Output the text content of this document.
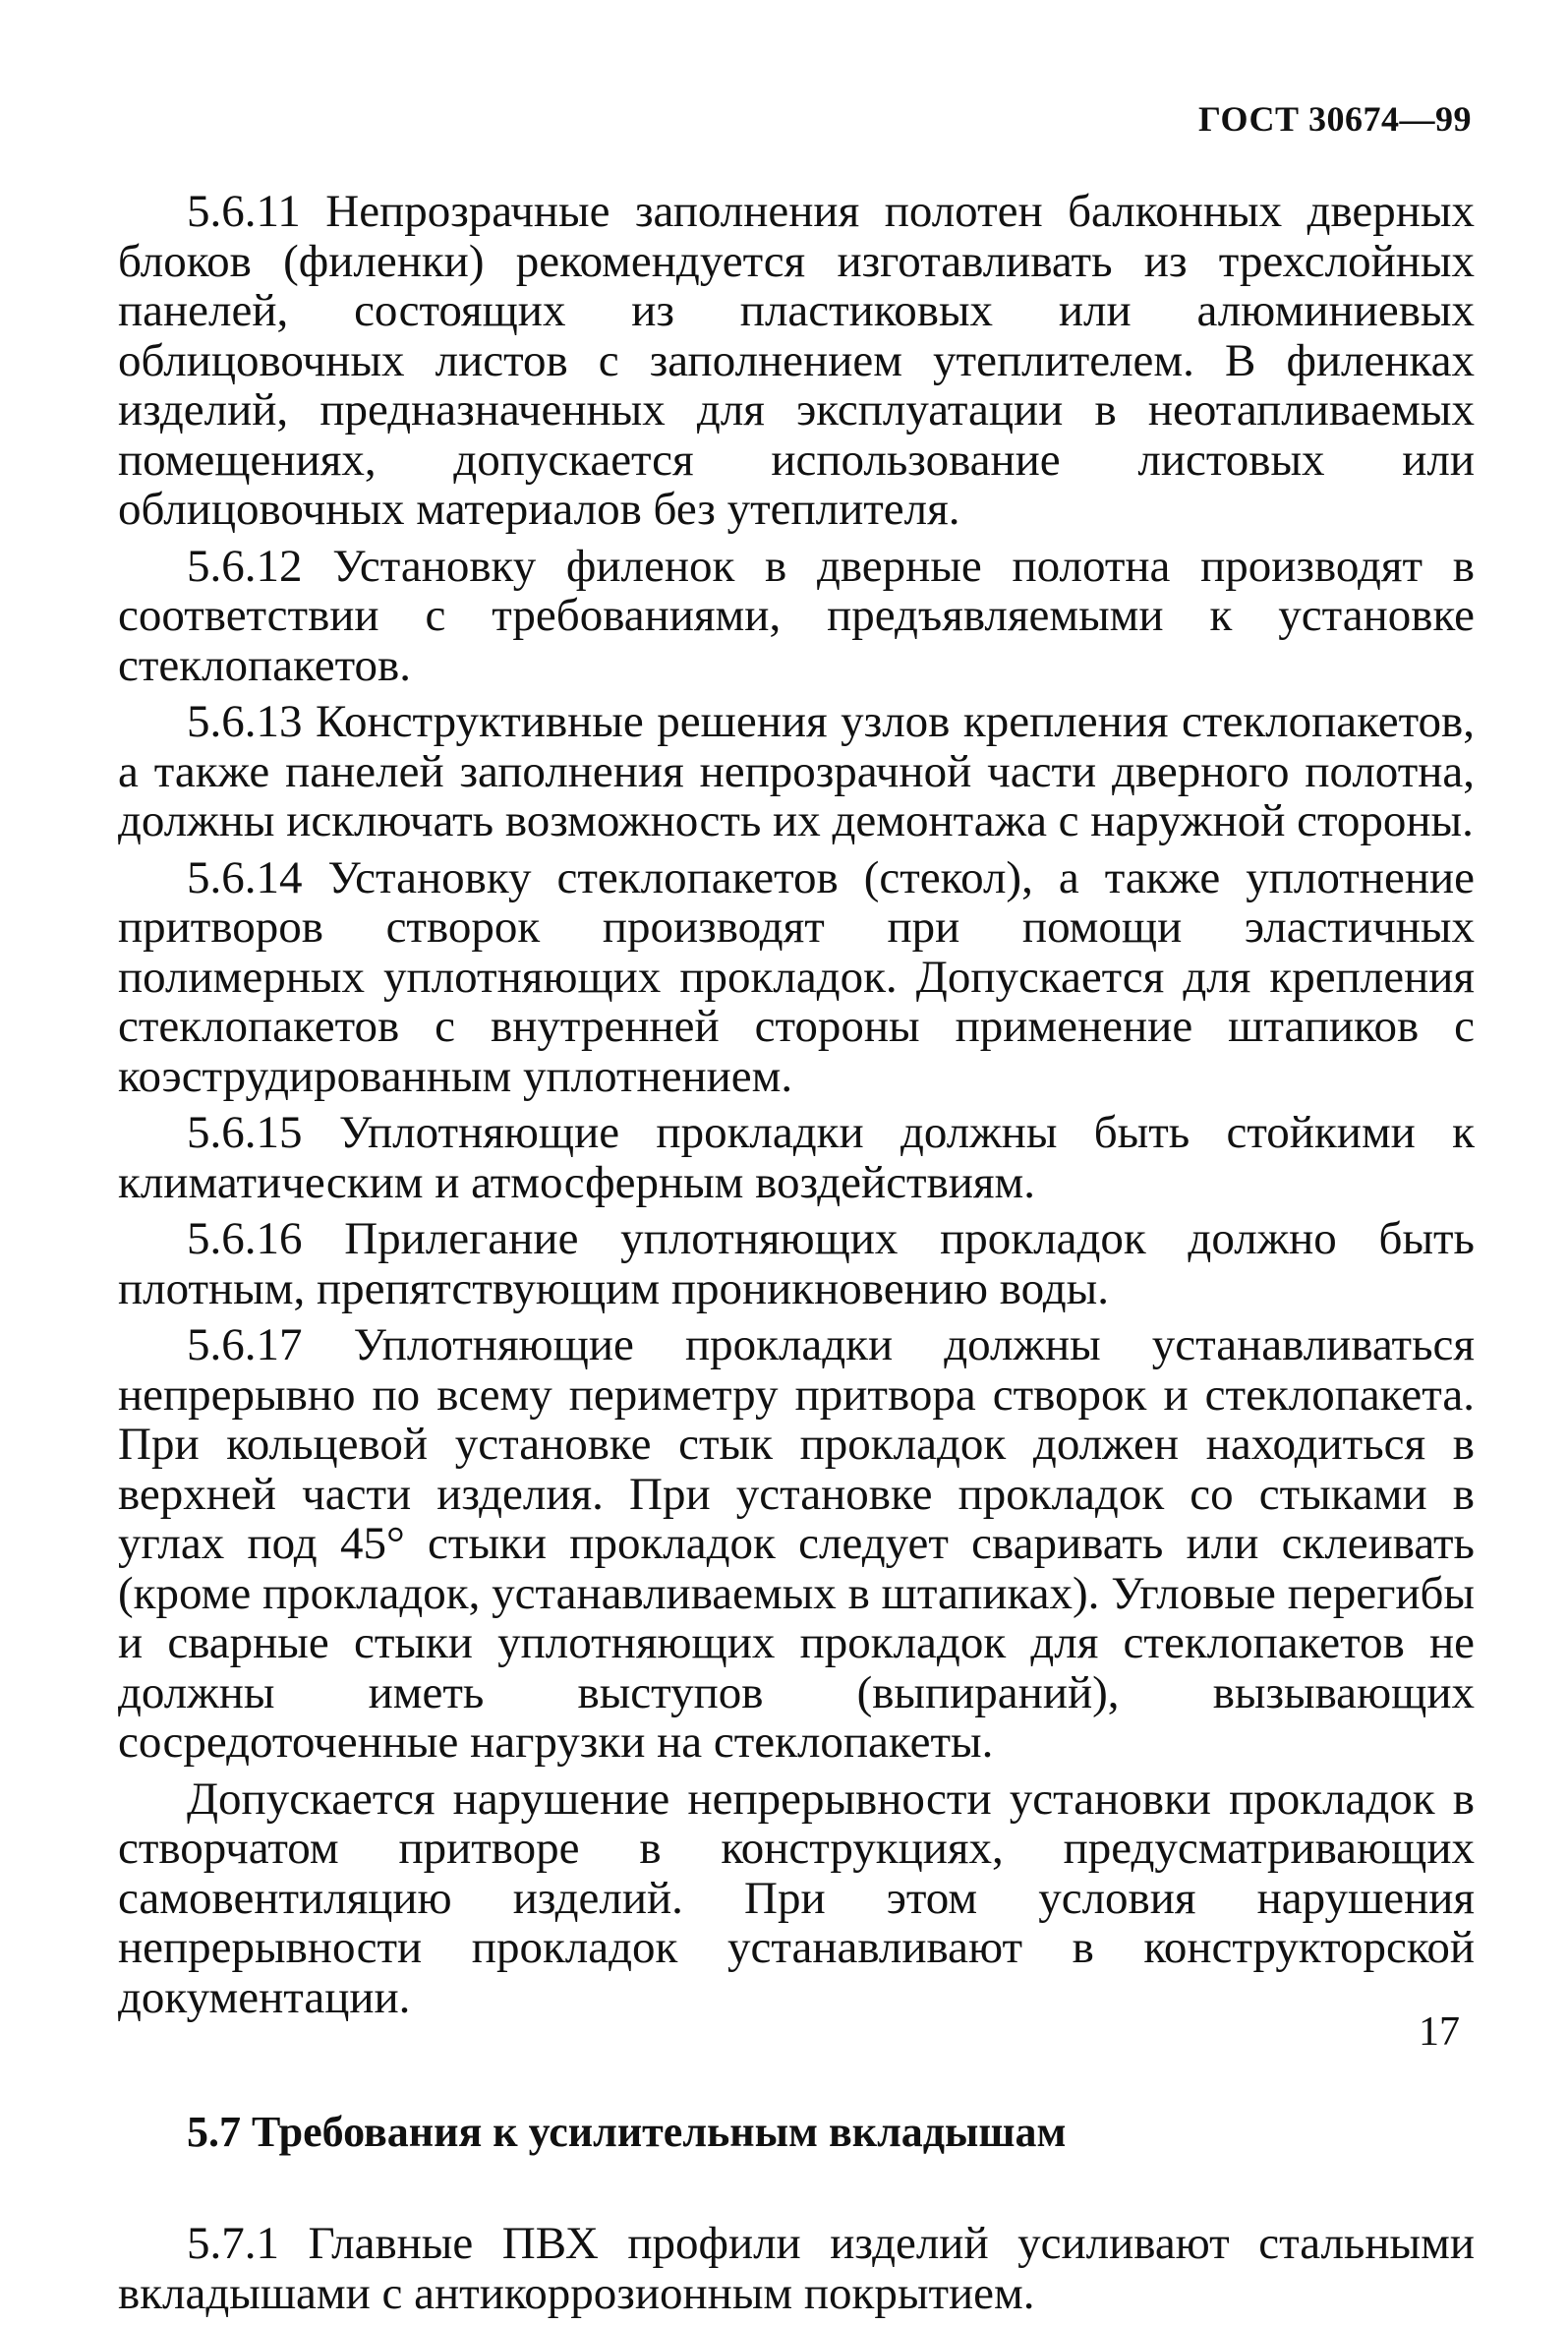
ГОСТ 30674—99

5.6.11 Непрозрачные заполнения полотен балконных дверных блоков (филенки) рекомендуется изготавливать из трехслойных панелей, состоящих из пластиковых или алюминиевых облицовочных листов с заполнением утеплителем. В филенках изделий, предназначенных для эксплуатации в неотапливаемых помещениях, допускается использование листовых или облицовочных материалов без утеплителя.

5.6.12 Установку филенок в дверные полотна производят в соответствии с требованиями, предъявляемыми к установке стеклопакетов.

5.6.13 Конструктивные решения узлов крепления стеклопакетов, а также панелей заполнения непрозрачной части дверного полотна, должны исключать возможность их демонтажа с наружной стороны.

5.6.14 Установку стеклопакетов (стекол), а также уплотнение притворов створок производят при помощи эластичных полимерных уплотняющих прокладок. Допускается для крепления стеклопакетов с внутренней стороны применение штапиков с коэструдированным уплотнением.

5.6.15 Уплотняющие прокладки должны быть стойкими к климатическим и атмосферным воздействиям.

5.6.16 Прилегание уплотняющих прокладок должно быть плотным, препятствующим проникновению воды.

5.6.17 Уплотняющие прокладки должны устанавливаться непрерывно по всему периметру притвора створок и стеклопакета. При кольцевой установке стык прокладок должен находиться в верхней части изделия. При установке прокладок со стыками в углах под 45° стыки прокладок следует сваривать или склеивать (кроме прокладок, устанавливаемых в штапиках). Угловые перегибы и сварные стыки уплотняющих прокладок для стеклопакетов не должны иметь выступов (выпираний), вызывающих сосредоточенные нагрузки на стеклопакеты.

Допускается нарушение непрерывности установки прокладок в створчатом притворе в конструкциях, предусматривающих самовентиляцию изделий. При этом условия нарушения непрерывности прокладок устанавливают в конструкторской документации.

5.7 Требования к усилительным вкладышам

5.7.1 Главные ПВХ профили изделий усиливают стальными вкладышами с антикоррозионным покрытием.

17
